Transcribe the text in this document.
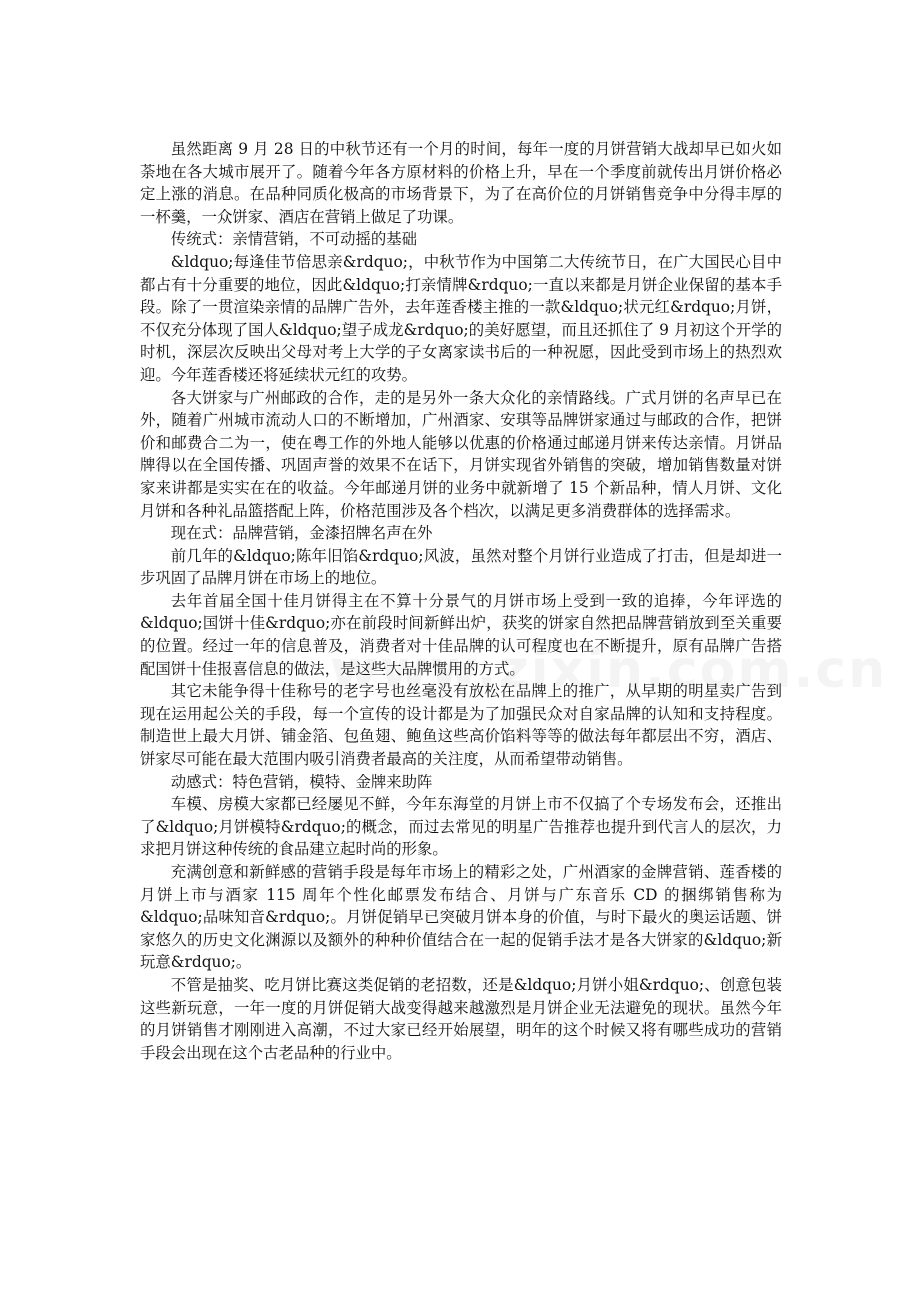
虽然距离 9 月 28 日的中秋节还有一个月的时间，每年一度的月饼营销大战却早已如火如荼地在各大城市展开了。随着今年各方原材料的价格上升，早在一个季度前就传出月饼价格必定上涨的消息。在品种同质化极高的市场背景下，为了在高价位的月饼销售竞争中分得丰厚的一杯羹，一众饼家、酒店在营销上做足了功课。

传统式：亲情营销，不可动摇的基础

&ldquo;每逢佳节倍思亲&rdquo;，中秋节作为中国第二大传统节日，在广大国民心目中都占有十分重要的地位，因此&ldquo;打亲情牌&rdquo;一直以来都是月饼企业保留的基本手段。除了一贯渲染亲情的品牌广告外，去年莲香楼主推的一款&ldquo;状元红&rdquo;月饼，不仅充分体现了国人&ldquo;望子成龙&rdquo;的美好愿望，而且还抓住了 9 月初这个开学的时机，深层次反映出父母对考上大学的子女离家读书后的一种祝愿，因此受到市场上的热烈欢迎。今年莲香楼还将延续状元红的攻势。

各大饼家与广州邮政的合作，走的是另外一条大众化的亲情路线。广式月饼的名声早已在外，随着广州城市流动人口的不断增加，广州酒家、安琪等品牌饼家通过与邮政的合作，把饼价和邮费合二为一，使在粤工作的外地人能够以优惠的价格通过邮递月饼来传达亲情。月饼品牌得以在全国传播、巩固声誉的效果不在话下，月饼实现省外销售的突破，增加销售数量对饼家来讲都是实实在在的收益。今年邮递月饼的业务中就新增了 15 个新品种，情人月饼、文化月饼和各种礼品篮搭配上阵，价格范围涉及各个档次，以满足更多消费群体的选择需求。

现在式：品牌营销，金漆招牌名声在外

前几年的&ldquo;陈年旧馅&rdquo;风波，虽然对整个月饼行业造成了打击，但是却进一步巩固了品牌月饼在市场上的地位。

去年首届全国十佳月饼得主在不算十分景气的月饼市场上受到一致的追捧，今年评选的&ldquo;国饼十佳&rdquo;亦在前段时间新鲜出炉，获奖的饼家自然把品牌营销放到至关重要的位置。经过一年的信息普及，消费者对十佳品牌的认可程度也在不断提升，原有品牌广告搭配国饼十佳报喜信息的做法，是这些大品牌惯用的方式。

其它未能争得十佳称号的老字号也丝毫没有放松在品牌上的推广，从早期的明星卖广告到现在运用起公关的手段，每一个宣传的设计都是为了加强民众对自家品牌的认知和支持程度。制造世上最大月饼、铺金箔、包鱼翅、鲍鱼这些高价馅料等等的做法每年都层出不穷，酒店、饼家尽可能在最大范围内吸引消费者最高的关注度，从而希望带动销售。

动感式：特色营销，模特、金牌来助阵

车模、房模大家都已经屡见不鲜，今年东海堂的月饼上市不仅搞了个专场发布会，还推出了&ldquo;月饼模特&rdquo;的概念，而过去常见的明星广告推荐也提升到代言人的层次，力求把月饼这种传统的食品建立起时尚的形象。

充满创意和新鲜感的营销手段是每年市场上的精彩之处，广州酒家的金牌营销、莲香楼的月饼上市与酒家 115 周年个性化邮票发布结合、月饼与广东音乐 CD 的捆绑销售称为&ldquo;品味知音&rdquo;。月饼促销早已突破月饼本身的价值，与时下最火的奥运话题、饼家悠久的历史文化渊源以及额外的种种价值结合在一起的促销手法才是各大饼家的&ldquo;新玩意&rdquo;。

不管是抽奖、吃月饼比赛这类促销的老招数，还是&ldquo;月饼小姐&rdquo;、创意包装这些新玩意，一年一度的月饼促销大战变得越来越激烈是月饼企业无法避免的现状。虽然今年的月饼销售才刚刚进入高潮，不过大家已经开始展望，明年的这个时候又将有哪些成功的营销手段会出现在这个古老品种的行业中。
